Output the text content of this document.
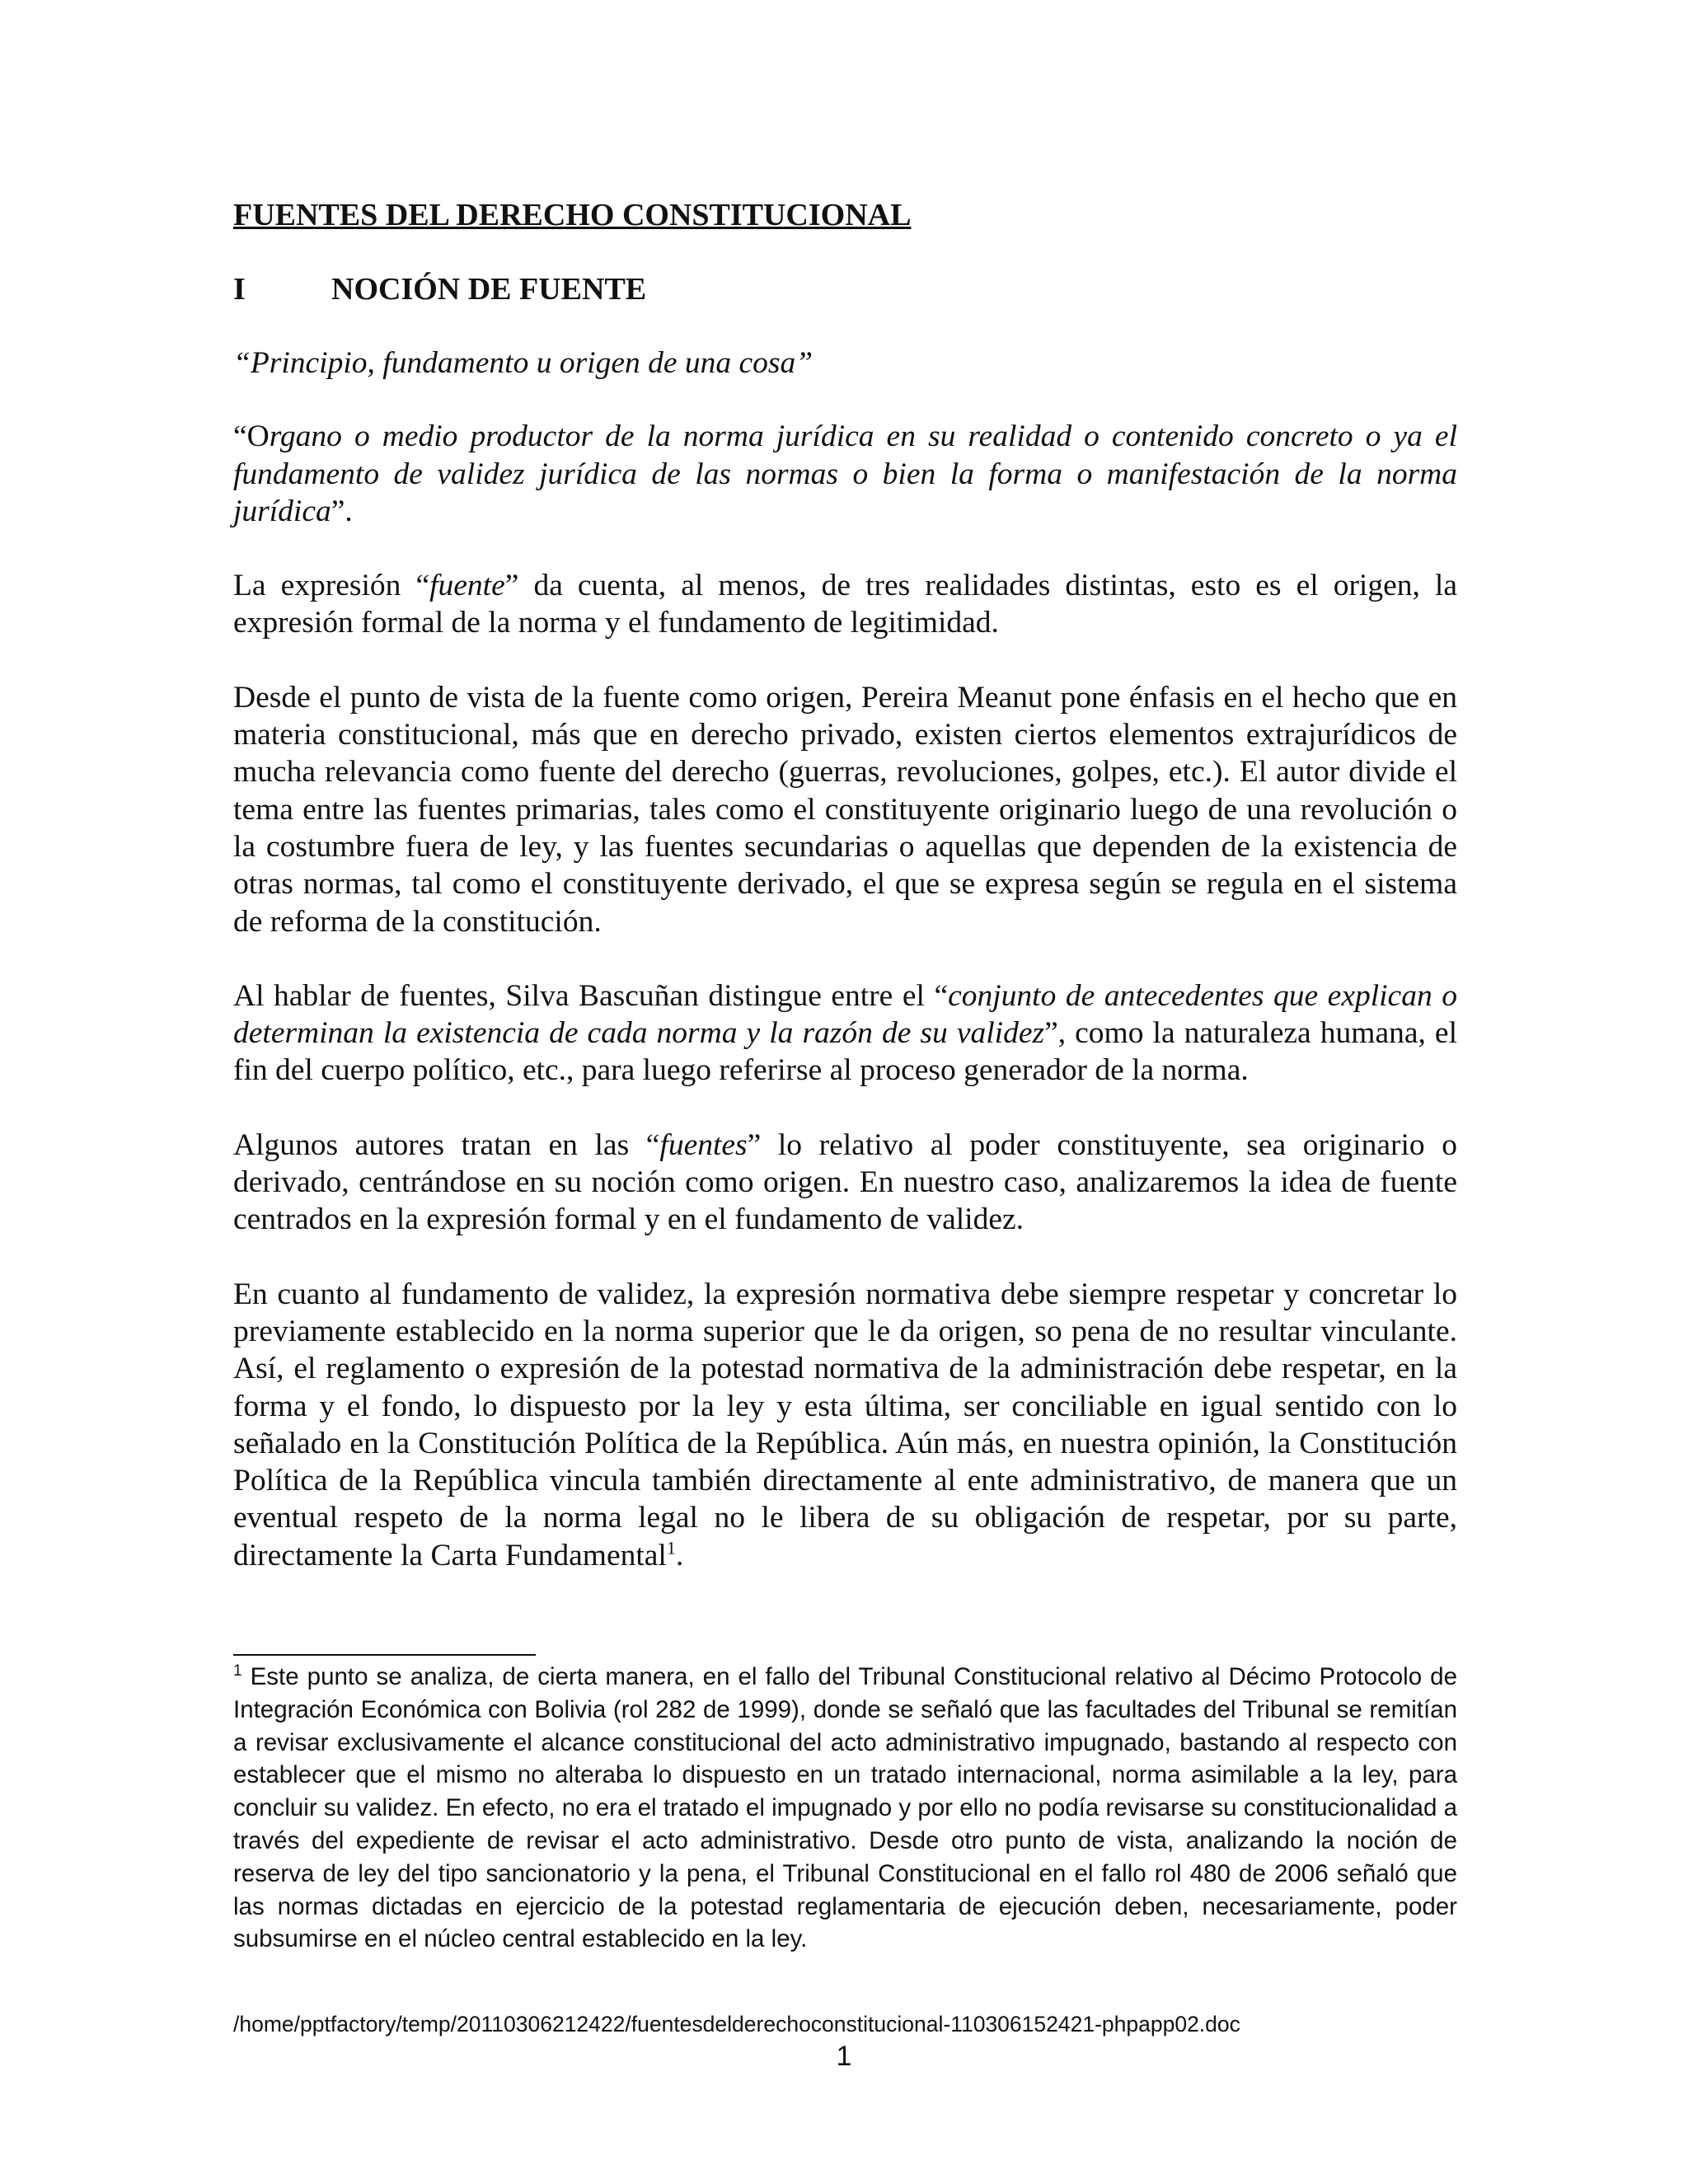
FUENTES DEL DERECHO CONSTITUCIONAL
I	NOCIÓN DE FUENTE

“Principio, fundamento u origen de una cosa”

“Organo o medio productor de la norma jurídica en su realidad o contenido concreto o ya el fundamento de validez jurídica de las normas o bien la forma o manifestación de la norma jurídica”.

La expresión “fuente” da cuenta, al menos, de tres realidades distintas, esto es el origen, la expresión formal de la norma y el fundamento de legitimidad.

Desde el punto de vista de la fuente como origen, Pereira Meanut pone énfasis en el hecho que en materia constitucional, más que en derecho privado, existen ciertos elementos extrajurídicos de mucha relevancia como fuente del derecho (guerras, revoluciones, golpes, etc.). El autor divide el tema entre las fuentes primarias, tales como el constituyente originario luego de una revolución o la costumbre fuera de ley, y las fuentes secundarias o aquellas que dependen de la existencia de otras normas, tal como el constituyente derivado, el que se expresa según se regula en el sistema de reforma de la constitución.

Al hablar de fuentes, Silva Bascuñan distingue entre el “conjunto de antecedentes que explican o determinan la existencia de cada norma y la razón de su validez”, como la naturaleza humana, el fin del cuerpo político, etc., para luego referirse al proceso generador de la norma.

Algunos autores tratan en las “fuentes” lo relativo al poder constituyente, sea originario o derivado, centrándose en su noción como origen. En nuestro caso, analizaremos la idea de fuente centrados en la expresión formal y en el fundamento de validez.

En cuanto al fundamento de validez, la expresión normativa debe siempre respetar y concretar lo previamente establecido en la norma superior que le da origen, so pena de no resultar vinculante. Así, el reglamento o expresión de la potestad normativa de la administración debe respetar, en la forma y el fondo, lo dispuesto por la ley y esta última, ser conciliable en igual sentido con lo señalado en la Constitución Política de la República. Aún más, en nuestra opinión, la Constitución Política de la República vincula también directamente al ente administrativo, de manera que un eventual respeto de la norma legal no le libera de su obligación de respetar, por su parte, directamente la Carta Fundamental$^1$.

$^1$ Este punto se analiza, de cierta manera, en el fallo del Tribunal Constitucional relativo al Décimo Protocolo de Integración Económica con Bolivia (rol 282 de 1999), donde se señaló que las facultades del Tribunal se remitían a revisar exclusivamente el alcance constitucional del acto administrativo impugnado, bastando al respecto con establecer que el mismo no alteraba lo dispuesto en un tratado internacional, norma asimilable a la ley, para concluir su validez. En efecto, no era el tratado el impugnado y por ello no podía revisarse su constitucionalidad a través del expediente de revisar el acto administrativo. Desde otro punto de vista, analizando la noción de reserva de ley del tipo sancionatorio y la pena, el Tribunal Constitucional en el fallo rol 480 de 2006 señaló que las normas dictadas en ejercicio de la potestad reglamentaria de ejecución deben, necesariamente, poder subsumirse en el núcleo central establecido en la ley.

/home/pptfactory/temp/20110306212422/fuentesdelderechoconstitucional-110306152421-phpapp02.doc
1
